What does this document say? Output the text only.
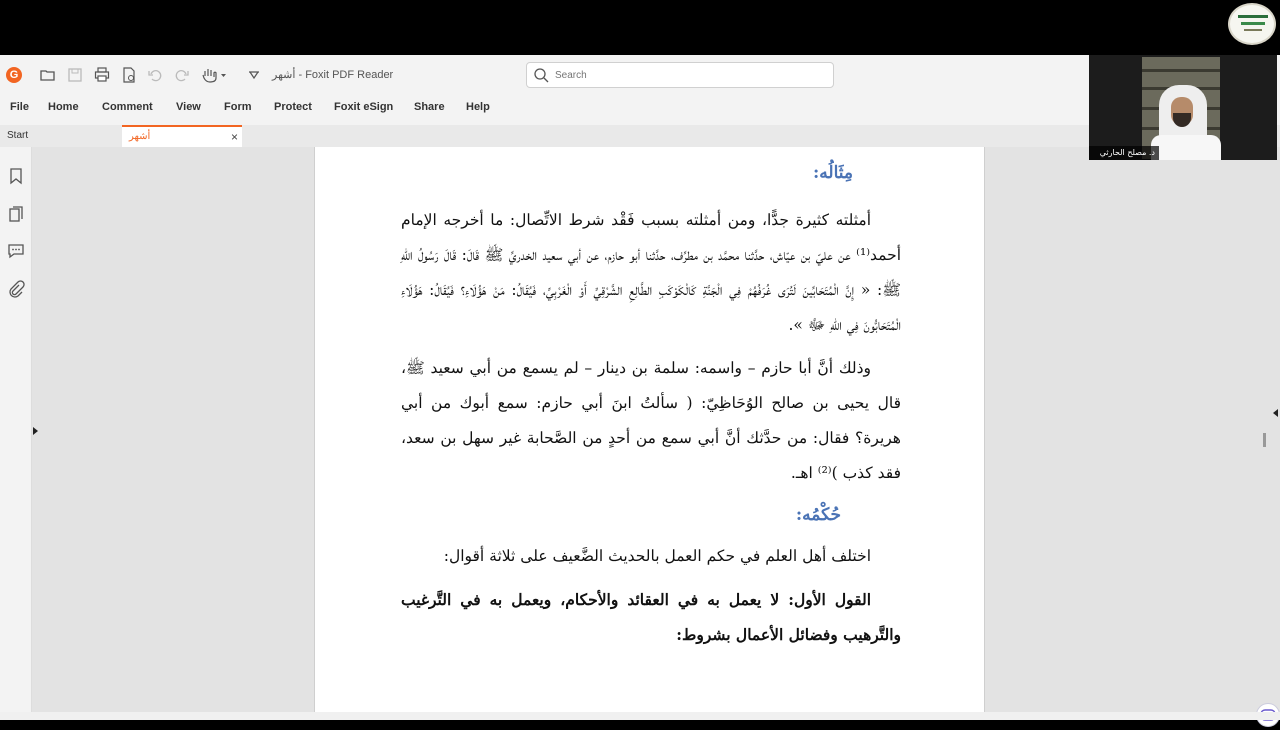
G	أشهر - Foxit PDF Reader
Search
File Home Comment View Form Protect Foxit eSign Share Help
Start	أشهر	×
مِثَالُه:
أمثلته كثيرة جدًّا، ومن أمثلته بسبب فَقْد شرط الاتِّصال: ما أخرجه الإمام أحمد⁽¹⁾ عن عليّ بن عيّاش، حدَّثنا محمَّد بن مطرِّف، حدَّثنا أبو حازم، عن أبي سعيد الخدريِّ ﷺ قَالَ: قَالَ رَسُولُ اللهِ ﷺ: « إِنَّ الْمُتَحَابِّينَ لَتُرَى غُرَفُهُمْ فِي الْجَنَّةِ كَالْكَوْكَبِ الطَّالِعِ الشَّرْقِيِّ أَوْ الْغَرْبِيِّ، فَيُقَالُ: مَنْ هَؤُلَاءِ؟ فَيُقَالُ: هَؤُلَاءِ الْمُتَحَابُّونَ فِي اللهِ ﷻ ».
وذلك أنَّ أبا حازم – واسمه: سلمة بن دينار – لم يسمع من أبي سعيد ﷺ، قال يحيى بن صالح الوُحَاظِيّ: ( سألتُ ابنَ أبي حازم: سمع أبوك من أبي هريرة؟ فقال: من حدَّثك أنَّ أبي سمع من أحدٍ من الصَّحابة غير سهل بن سعد، فقد كذب )⁽²⁾ اهـ.
حُكْمُه:
اختلف أهل العلم في حكم العمل بالحديث الضَّعيف على ثلاثة أقوال:
القول الأول: لا يعمل به في العقائد والأحكام، ويعمل به في التَّرغيب والتَّرهيب وفضائل الأعمال بشروط:
د. مصلح الحارثي
